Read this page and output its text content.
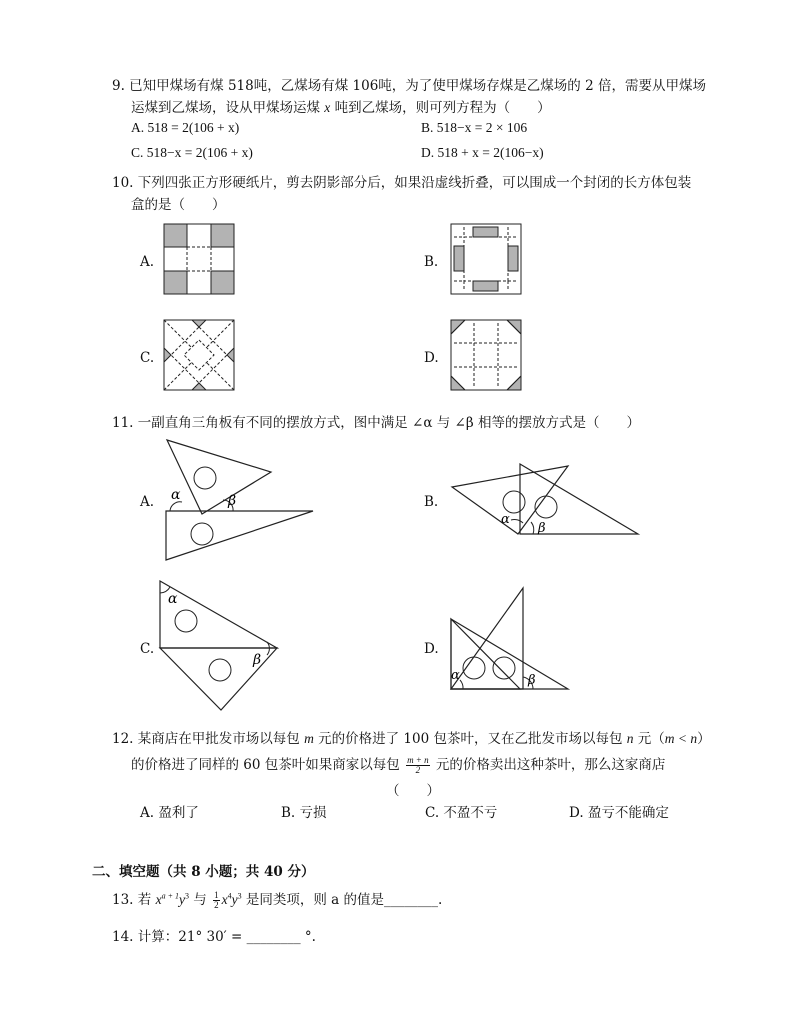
9. 已知甲煤场有煤 518吨，乙煤场有煤 106吨，为了使甲煤场存煤是乙煤场的 2 倍，需要从甲煤场
运煤到乙煤场，设从甲煤场运煤 x 吨到乙煤场，则可列方程为（　　）
A. 518 = 2(106 + x)	B. 518−x = 2 × 106
C. 518−x = 2(106 + x)	D. 518 + x = 2(106−x)
10. 下列四张正方形硬纸片，剪去阴影部分后，如果沿虚线折叠，可以围成一个封闭的长方体包装
盒的是（　　）
A.	B.
C.	D.
11. 一副直角三角板有不同的摆放方式，图中满足 ∠α 与 ∠β 相等的摆放方式是（　　）
A. α	β	B.
α
β
C.
α
β
D.
α	β
12. 某商店在甲批发市场以每包 m 元的价格进了 100 包茶叶，又在乙批发市场以每包 n 元（m < n）
的价格进了同样的 60 包茶叶如果商家以每包 $\frac{m + n}{2}$ 元的价格卖出这种茶叶，那么这家商店
（　　）
A. 盈利了	B. 亏损	C. 不盈不亏	D. 盈亏不能确定
二、填空题（共 8 小题；共 40 分）
13. 若 $x^{a + 1}y^3$ 与 $\frac{1}{2} x^4y^3$ 是同类项，则 a 的值是________.
14. 计算：21° 30′ = ________ °.
